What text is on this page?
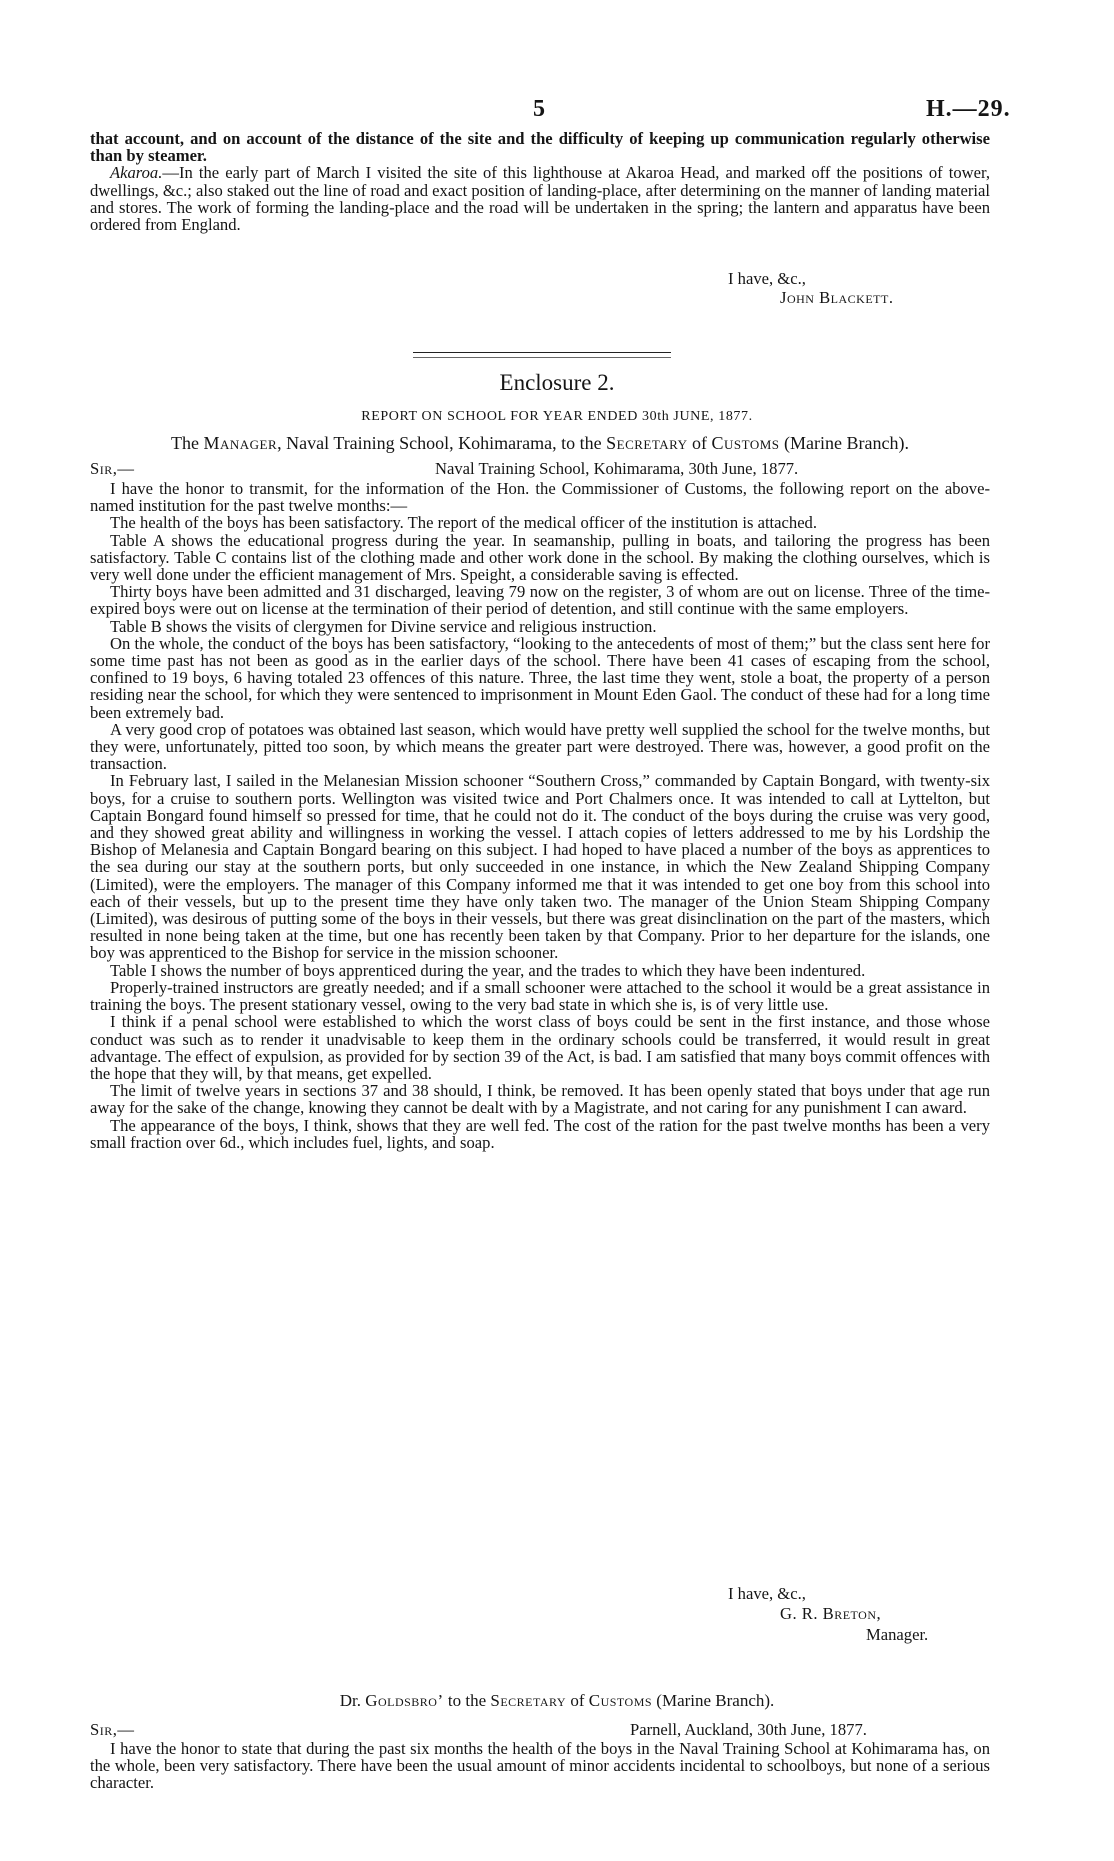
5	H.—29.

that account, and on account of the distance of the site and the difficulty of keeping up communication regularly otherwise than by steamer.

Akaroa.—In the early part of March I visited the site of this lighthouse at Akaroa Head, and marked off the positions of tower, dwellings, &c.; also staked out the line of road and exact position of landing-place, after determining on the manner of landing material and stores. The work of forming the landing-place and the road will be undertaken in the spring; the lantern and apparatus have been ordered from England.

I have, &c.,
John Blackett.
Enclosure 2.
REPORT ON SCHOOL FOR YEAR ENDED 30th JUNE, 1877.
The Manager, Naval Training School, Kohimarama, to the Secretary of Customs (Marine Branch).
Sir,—	Naval Training School, Kohimarama, 30th June, 1877.

I have the honor to transmit, for the information of the Hon. the Commissioner of Customs, the following report on the above-named institution for the past twelve months:—

The health of the boys has been satisfactory. The report of the medical officer of the institution is attached.

Table A shows the educational progress during the year. In seamanship, pulling in boats, and tailoring the progress has been satisfactory. Table C contains list of the clothing made and other work done in the school. By making the clothing ourselves, which is very well done under the efficient management of Mrs. Speight, a considerable saving is effected.

Thirty boys have been admitted and 31 discharged, leaving 79 now on the register, 3 of whom are out on license. Three of the time-expired boys were out on license at the termination of their period of detention, and still continue with the same employers.

Table B shows the visits of clergymen for Divine service and religious instruction.

On the whole, the conduct of the boys has been satisfactory, “looking to the antecedents of most of them;” but the class sent here for some time past has not been as good as in the earlier days of the school. There have been 41 cases of escaping from the school, confined to 19 boys, 6 having totaled 23 offences of this nature. Three, the last time they went, stole a boat, the property of a person residing near the school, for which they were sentenced to imprisonment in Mount Eden Gaol. The conduct of these had for a long time been extremely bad.

A very good crop of potatoes was obtained last season, which would have pretty well supplied the school for the twelve months, but they were, unfortunately, pitted too soon, by which means the greater part were destroyed. There was, however, a good profit on the transaction.

In February last, I sailed in the Melanesian Mission schooner “Southern Cross,” commanded by Captain Bongard, with twenty-six boys, for a cruise to southern ports. Wellington was visited twice and Port Chalmers once. It was intended to call at Lyttelton, but Captain Bongard found himself so pressed for time, that he could not do it. The conduct of the boys during the cruise was very good, and they showed great ability and willingness in working the vessel. I attach copies of letters addressed to me by his Lordship the Bishop of Melanesia and Captain Bongard bearing on this subject. I had hoped to have placed a number of the boys as apprentices to the sea during our stay at the southern ports, but only succeeded in one instance, in which the New Zealand Shipping Company (Limited), were the employers. The manager of this Company informed me that it was intended to get one boy from this school into each of their vessels, but up to the present time they have only taken two. The manager of the Union Steam Shipping Company (Limited), was desirous of putting some of the boys in their vessels, but there was great disinclination on the part of the masters, which resulted in none being taken at the time, but one has recently been taken by that Company. Prior to her departure for the islands, one boy was apprenticed to the Bishop for service in the mission schooner.

Table I shows the number of boys apprenticed during the year, and the trades to which they have been indentured.

Properly-trained instructors are greatly needed; and if a small schooner were attached to the school it would be a great assistance in training the boys. The present stationary vessel, owing to the very bad state in which she is, is of very little use.

I think if a penal school were established to which the worst class of boys could be sent in the first instance, and those whose conduct was such as to render it unadvisable to keep them in the ordinary schools could be transferred, it would result in great advantage. The effect of expulsion, as provided for by section 39 of the Act, is bad. I am satisfied that many boys commit offences with the hope that they will, by that means, get expelled.

The limit of twelve years in sections 37 and 38 should, I think, be removed. It has been openly stated that boys under that age run away for the sake of the change, knowing they cannot be dealt with by a Magistrate, and not caring for any punishment I can award.

The appearance of the boys, I think, shows that they are well fed. The cost of the ration for the past twelve months has been a very small fraction over 6d., which includes fuel, lights, and soap.

I have, &c.,
G. R. Breton,
Manager.
Dr. Goldsbro’ to the Secretary of Customs (Marine Branch).
Sir,—	Parnell, Auckland, 30th June, 1877.

I have the honor to state that during the past six months the health of the boys in the Naval Training School at Kohimarama has, on the whole, been very satisfactory. There have been the usual amount of minor accidents incidental to schoolboys, but none of a serious character.
